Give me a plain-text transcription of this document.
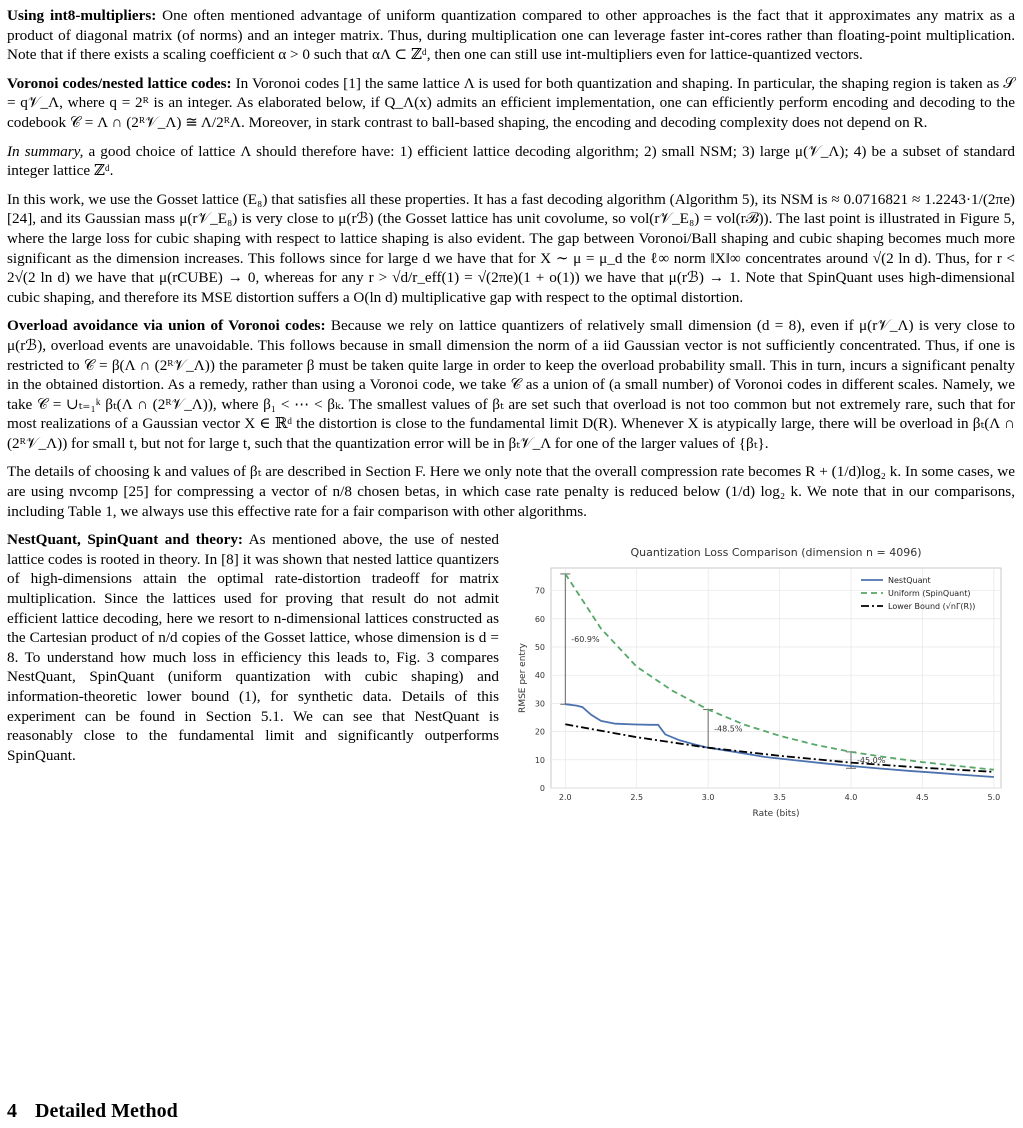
Using int8-multipliers: One often mentioned advantage of uniform quantization compared to other approaches is the fact that it approximates any matrix as a product of diagonal matrix (of norms) and an integer matrix. Thus, during multiplication one can leverage faster int-cores rather than floating-point multiplication. Note that if there exists a scaling coefficient α > 0 such that αΛ ⊂ ℤᵈ, then one can still use int-multipliers even for lattice-quantized vectors.

Voronoi codes/nested lattice codes: In Voronoi codes [1] the same lattice Λ is used for both quantization and shaping. In particular, the shaping region is taken as 𝒮 = q𝒱_Λ, where q = 2ᴿ is an integer. As elaborated below, if Q_Λ(x) admits an efficient implementation, one can efficiently perform encoding and decoding to the codebook 𝒞 = Λ ∩ (2ᴿ𝒱_Λ) ≅ Λ/2ᴿΛ. Moreover, in stark contrast to ball-based shaping, the encoding and decoding complexity does not depend on R.

In summary, a good choice of lattice Λ should therefore have: 1) efficient lattice decoding algorithm; 2) small NSM; 3) large μ(𝒱_Λ); 4) be a subset of standard integer lattice ℤᵈ.

In this work, we use the Gosset lattice (E₈) that satisfies all these properties. It has a fast decoding algorithm (Algorithm 5), its NSM is ≈ 0.0716821 ≈ 1.2243·1/(2πe) [24], and its Gaussian mass μ(r𝒱_E₈) is very close to μ(rℬ) (the Gosset lattice has unit covolume, so vol(r𝒱_E₈) = vol(rℬ)). The last point is illustrated in Figure 5, where the large loss for cubic shaping with respect to lattice shaping is also evident. The gap between Voronoi/Ball shaping and cubic shaping becomes much more significant as the dimension increases. This follows since for large d we have that for X ∼ μ = μ_d the ℓ∞ norm ‖X‖∞ concentrates around √(2 ln d). Thus, for r < 2√(2 ln d) we have that μ(rCUBE) → 0, whereas for any r > √d/r_eff(1) = √(2πe)(1 + o(1)) we have that μ(rℬ) → 1. Note that SpinQuant uses high-dimensional cubic shaping, and therefore its MSE distortion suffers a O(ln d) multiplicative gap with respect to the optimal distortion.

Overload avoidance via union of Voronoi codes: Because we rely on lattice quantizers of relatively small dimension (d = 8), even if μ(r𝒱_Λ) is very close to μ(rℬ), overload events are unavoidable. This follows because in small dimension the norm of a iid Gaussian vector is not sufficiently concentrated. Thus, if one is restricted to 𝒞 = β(Λ ∩ (2ᴿ𝒱_Λ)) the parameter β must be taken quite large in order to keep the overload probability small. This in turn, incurs a significant penalty in the obtained distortion. As a remedy, rather than using a Voronoi code, we take 𝒞 as a union of (a small number) of Voronoi codes in different scales. Namely, we take 𝒞 = ∪ₜ₌₁ᵏ βₜ(Λ ∩ (2ᴿ𝒱_Λ)), where β₁ < ⋯ < βₖ. The smallest values of βₜ are set such that overload is not too common but not extremely rare, such that for most realizations of a Gaussian vector X ∈ ℝᵈ the distortion is close to the fundamental limit D(R). Whenever X is atypically large, there will be overload in βₜ(Λ ∩ (2ᴿ𝒱_Λ)) for small t, but not for large t, such that the quantization error will be in βₜ𝒱_Λ for one of the larger values of {βₜ}.

The details of choosing k and values of βₜ are described in Section F. Here we only note that the overall compression rate becomes R + (1/d)log₂ k. In some cases, we are using nvcomp [25] for compressing a vector of n/8 chosen betas, in which case rate penalty is reduced below (1/d) log₂ k. We note that in our comparisons, including Table 1, we always use this effective rate for a fair comparison with other algorithms.

NestQuant, SpinQuant and theory: As mentioned above, the use of nested lattice codes is rooted in theory. In [8] it was shown that nested lattice quantizers of high-dimensions attain the optimal rate-distortion tradeoff for matrix multiplication. Since the lattices used for proving that result do not admit efficient lattice decoding, here we resort to n-dimensional lattices constructed as the Cartesian product of n/d copies of the Gosset lattice, whose dimension is d = 8. To understand how much loss in efficiency this leads to, Fig. 3 compares NestQuant, SpinQuant (uniform quantization with cubic shaping) and information-theoretic lower bound (1), for synthetic data. Details of this experiment can be found in Section 5.1. We can see that NestQuant is reasonably close to the fundamental limit and significantly outperforms SpinQuant.

Quantization Loss Comparison (dimension n = 4096)
2.0	2.5	3.0	3.5	4.0	4.5	5.0
0
10
20
30
40
50
60
70
Rate (bits)
RMSE per entry
-60.9%
-48.5%
-45.0%
NestQuant
Uniform (SpinQuant)
Lower Bound (√nΓ(R))
4 Detailed Method
